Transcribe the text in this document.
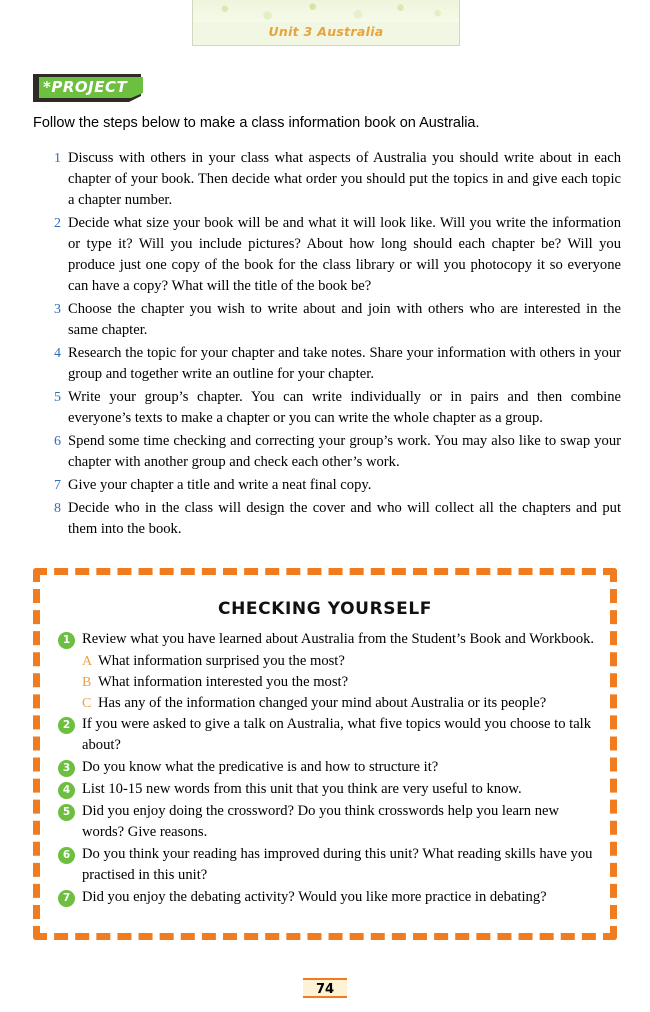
Unit 3 Australia
*PROJECT
Follow the steps below to make a class information book on Australia.
1 Discuss with others in your class what aspects of Australia you should write about in each chapter of your book. Then decide what order you should put the topics in and give each topic a chapter number.
2 Decide what size your book will be and what it will look like. Will you write the information or type it? Will you include pictures? About how long should each chapter be? Will you produce just one copy of the book for the class library or will you photocopy it so everyone can have a copy? What will the title of the book be?
3 Choose the chapter you wish to write about and join with others who are interested in the same chapter.
4 Research the topic for your chapter and take notes. Share your information with others in your group and together write an outline for your chapter.
5 Write your group’s chapter. You can write individually or in pairs and then combine everyone’s texts to make a chapter or you can write the whole chapter as a group.
6 Spend some time checking and correcting your group’s work. You may also like to swap your chapter with another group and check each other’s work.
7 Give your chapter a title and write a neat final copy.
8 Decide who in the class will design the cover and who will collect all the chapters and put them into the book.
CHECKING YOURSELF
1 Review what you have learned about Australia from the Student’s Book and Workbook.
A What information surprised you the most?
B What information interested you the most?
C Has any of the information changed your mind about Australia or its people?
2 If you were asked to give a talk on Australia, what five topics would you choose to talk about?
3 Do you know what the predicative is and how to structure it?
4 List 10-15 new words from this unit that you think are very useful to know.
5 Did you enjoy doing the crossword? Do you think crosswords help you learn new words? Give reasons.
6 Do you think your reading has improved during this unit? What reading skills have you practised in this unit?
7 Did you enjoy the debating activity? Would you like more practice in debating?
74
